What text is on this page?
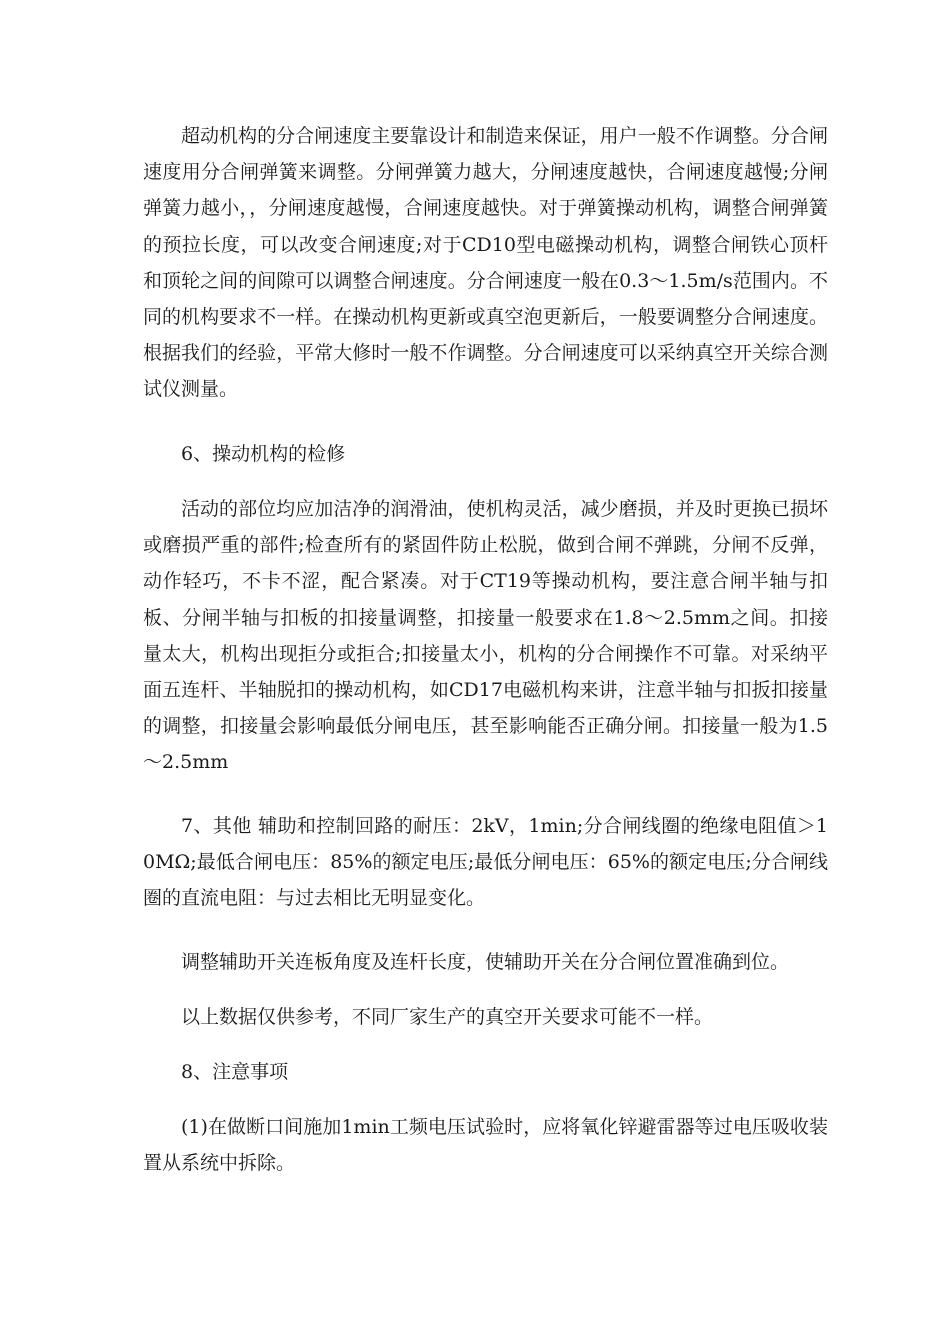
超动机构的分合闸速度主要靠设计和制造来保证，用户一般不作调整。分合闸速度用分合闸弹簧来调整。分闸弹簧力越大，分闸速度越快，合闸速度越慢;分闸弹簧力越小，，分闸速度越慢，合闸速度越快。对于弹簧操动机构，调整合闸弹簧的预拉长度，可以改变合闸速度;对于CD10型电磁操动机构，调整合闸铁心顶杆和顶轮之间的间隙可以调整合闸速度。分合闸速度一般在0.3～1.5m/s范围内。不同的机构要求不一样。在操动机构更新或真空泡更新后，一般要调整分合闸速度。根据我们的经验，平常大修时一般不作调整。分合闸速度可以采纳真空开关综合测试仪测量。

6、操动机构的检修

活动的部位均应加洁净的润滑油，使机构灵活，减少磨损，并及时更换已损坏或磨损严重的部件;检查所有的紧固件防止松脱，做到合闸不弹跳，分闸不反弹，动作轻巧，不卡不涩，配合紧凑。对于CT19等操动机构，要注意合闸半轴与扣板、分闸半轴与扣板的扣接量调整，扣接量一般要求在1.8～2.5mm之间。扣接量太大，机构出现拒分或拒合;扣接量太小，机构的分合闸操作不可靠。对采纳平面五连杆、半轴脱扣的操动机构，如CD17电磁机构来讲，注意半轴与扣扳扣接量的调整，扣接量会影响最低分闸电压，甚至影响能否正确分闸。扣接量一般为1.5～2.5mm

7、其他 辅助和控制回路的耐压：2kV，1min;分合闸线圈的绝缘电阻值＞10MΩ;最低合闸电压：85%的额定电压;最低分闸电压：65%的额定电压;分合闸线圈的直流电阻：与过去相比无明显变化。

调整辅助开关连板角度及连杆长度，使辅助开关在分合闸位置准确到位。

以上数据仅供参考，不同厂家生产的真空开关要求可能不一样。

8、注意事项

(1)在做断口间施加1min工频电压试验时，应将氧化锌避雷器等过电压吸收装置从系统中拆除。
